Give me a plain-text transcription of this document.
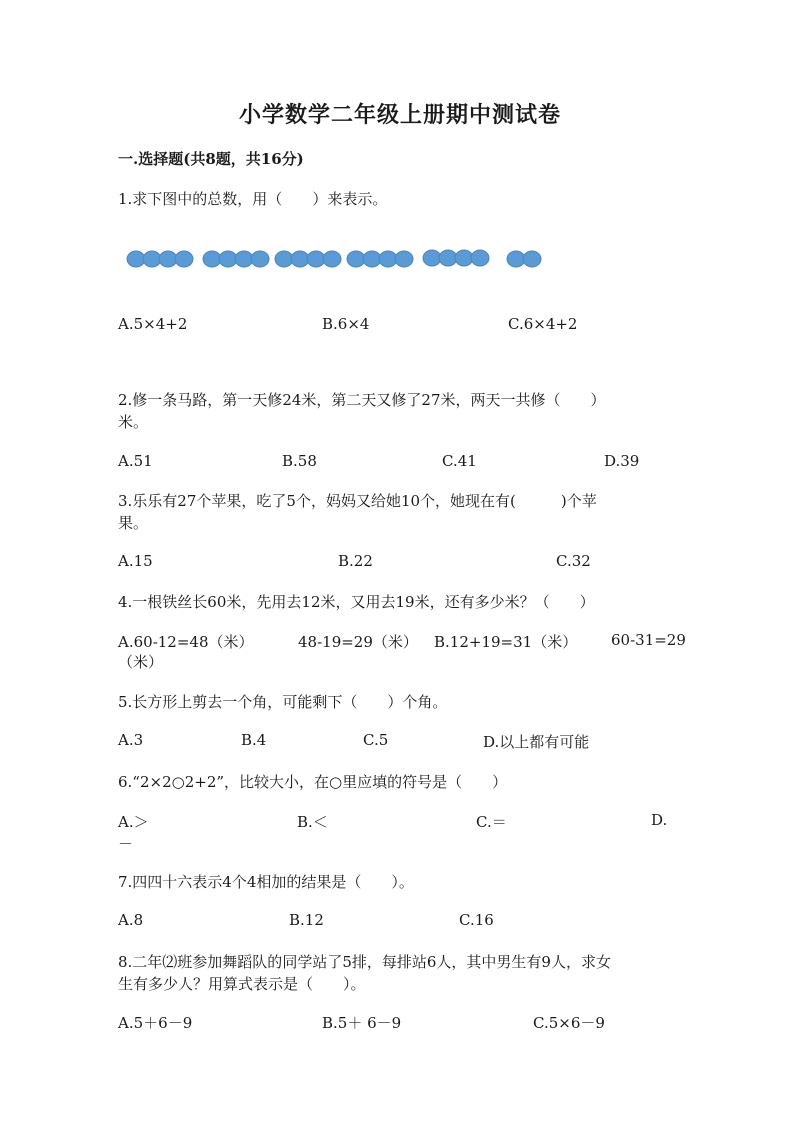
小学数学二年级上册期中测试卷
一.选择题(共8题，共16分)
1.求下图中的总数，用（　　）来表示。
A.5×4+2	B.6×4	C.6×4+2
2.修一条马路，第一天修24米，第二天又修了27米，两天一共修（　　）
米。
A.51	B.58	C.41	D.39
3.乐乐有27个苹果，吃了5个，妈妈又给她10个，她现在有(　　　)个苹
果。
A.15	B.22	C.32
4.一根铁丝长60米，先用去12米，又用去19米，还有多少米？（　　）
A.60-12=48（米）	48-19=29（米） B.12+19=31（米） 60-31=29
（米）
5.长方形上剪去一个角，可能剩下（　　）个角。
A.3	B.4	C.5	D.以上都有可能
6.“2×2○2+2”，比较大小，在○里应填的符号是（　　）
A.＞	B.＜	C.＝	D.
－
7.四四十六表示4个4相加的结果是（　　）。
A.8	B.12	C.16
8.二年⑵班参加舞蹈队的同学站了5排，每排站6人，其中男生有9人，求女
生有多少人？用算式表示是（　　）。
A.5＋6－9	B.5＋ 6－9	C.5×6－9
